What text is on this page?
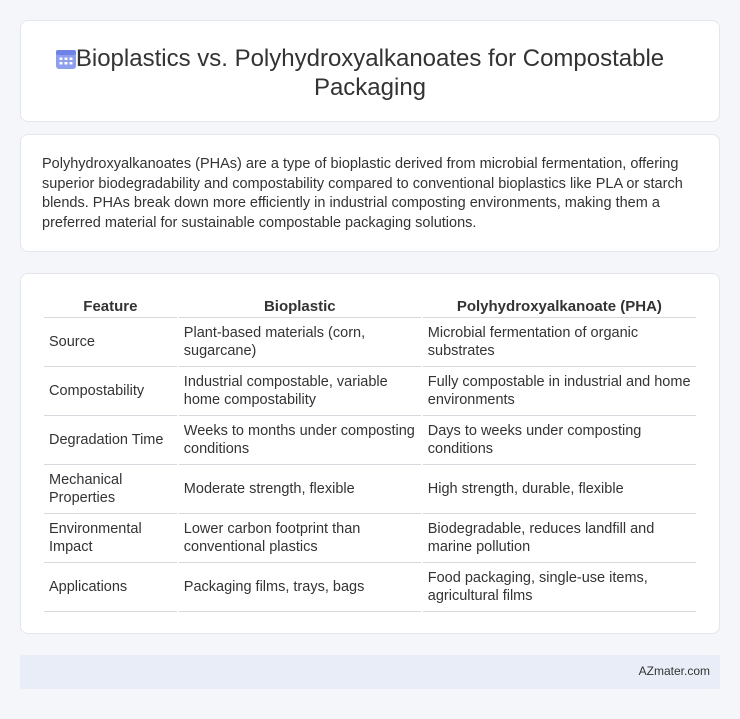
Bioplastics vs. Polyhydroxyalkanoates for Compostable Packaging

Polyhydroxyalkanoates (PHAs) are a type of bioplastic derived from microbial fermentation, offering superior biodegradability and compostability compared to conventional bioplastics like PLA or starch blends. PHAs break down more efficiently in industrial composting environments, making them a preferred material for sustainable compostable packaging solutions.

Feature	Bioplastic	Polyhydroxyalkanoate (PHA)
Source	Plant-based materials (corn, sugarcane)	Microbial fermentation of organic substrates
Compostability	Industrial compostable, variable home compostability	Fully compostable in industrial and home environments
Degradation Time	Weeks to months under composting conditions	Days to weeks under composting conditions
Mechanical Properties	Moderate strength, flexible	High strength, durable, flexible
Environmental Impact	Lower carbon footprint than conventional plastics	Biodegradable, reduces landfill and marine pollution
Applications	Packaging films, trays, bags	Food packaging, single-use items, agricultural films
AZmater.com
